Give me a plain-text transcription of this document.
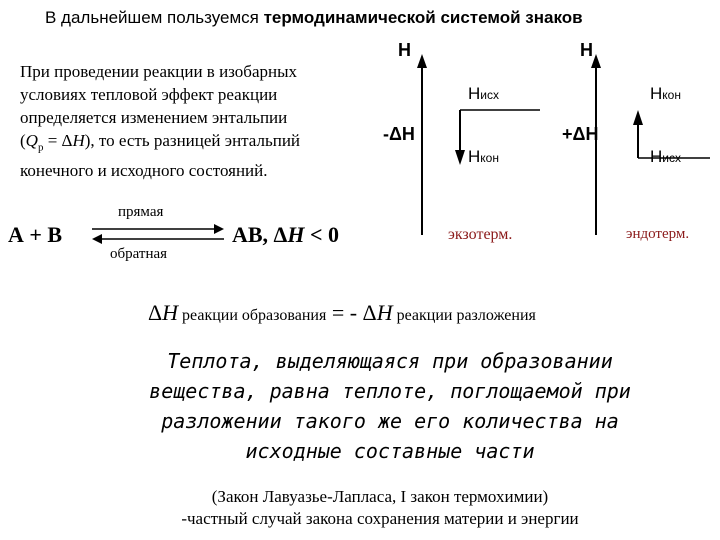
В дальнейшем пользуемся термодинамической системой знаков
При проведении реакции в изобарных
условиях тепловой эффект реакции
определяется изменением энтальпии
$(Q_р = \Delta H)$, то есть разницей энтальпий
конечного и исходного состояний.
А + В
прямая
обратная
АВ, ΔH < 0
H
-ΔH
Hисх
Hкон
экзотерм.
H
+ΔH
Hкон
Hисх
эндотерм.
ΔH реакции образования = - ΔH реакции разложения
Теплота, выделяющаяся при образовании
вещества, равна теплоте, поглощаемой при
разложении такого же его количества на
исходные составные части
(Закон Лавуазье-Лапласа, I закон термохимии)
-частный случай закона сохранения материи и энергии
